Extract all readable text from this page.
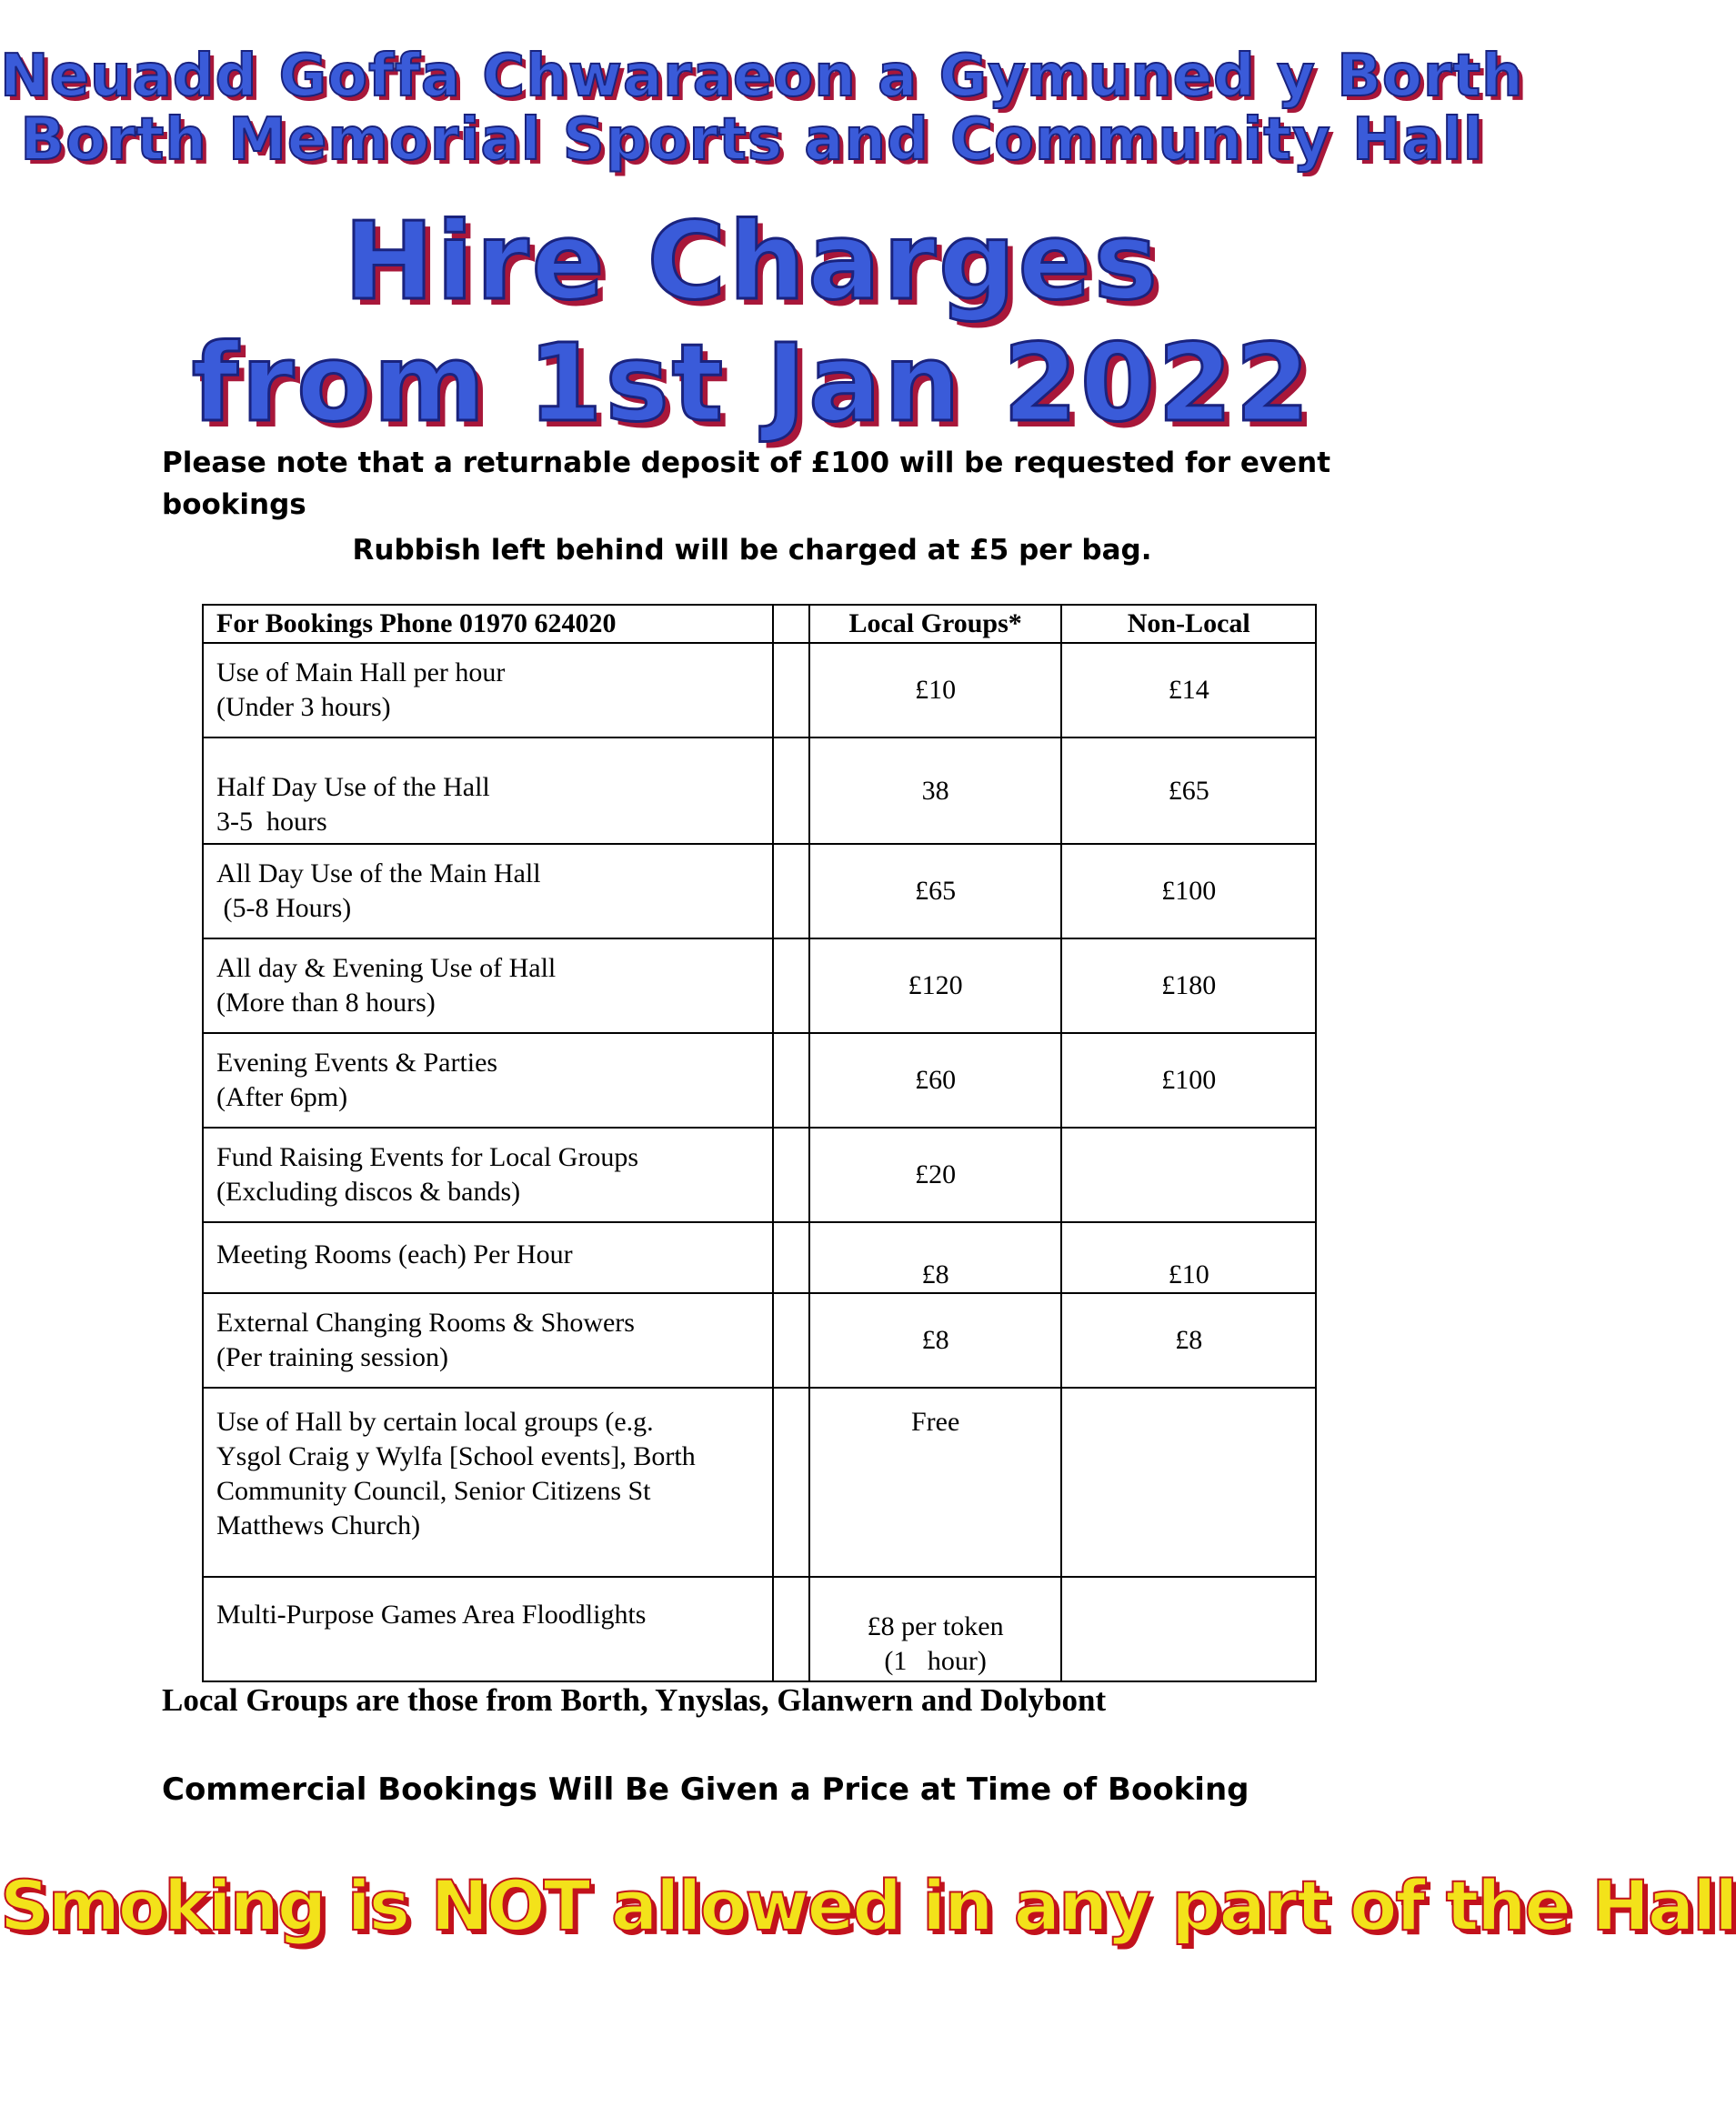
Neuadd Goffa Chwaraeon a Gymuned y Borth
Borth Memorial Sports and Community Hall
Hire Charges
from 1st Jan 2022
Please note that a returnable deposit of £100 will be requested for event bookings
Rubbish left behind will be charged at £5 per bag.
For Bookings Phone 01970 624020		Local Groups*	Non-Local

Use of Main Hall per hour
(Under 3 hours)		£10	£14

Half Day Use of the Hall
3-5  hours		38	£65

All Day Use of the Main Hall
(5-8 Hours)		£65	£100

All day & Evening Use of Hall
(More than 8 hours)		£120	£180

Evening Events & Parties
(After 6pm)		£60	£100

Fund Raising Events for Local Groups
(Excluding discos & bands)		£20	

Meeting Rooms (each) Per Hour		£8	£10

External Changing Rooms & Showers
(Per training session)		£8	£8

Use of Hall by certain local groups (e.g.
Ysgol Craig y Wylfa [School events], Borth
Community Council, Senior Citizens St
Matthews Church)		Free	

Multi-Purpose Games Area Floodlights		£8 per token
(1   hour)	

Local Groups are those from Borth, Ynyslas, Glanwern and Dolybont
Commercial Bookings Will Be Given a Price at Time of Booking
Smoking is NOT allowed in any part of the Hall
